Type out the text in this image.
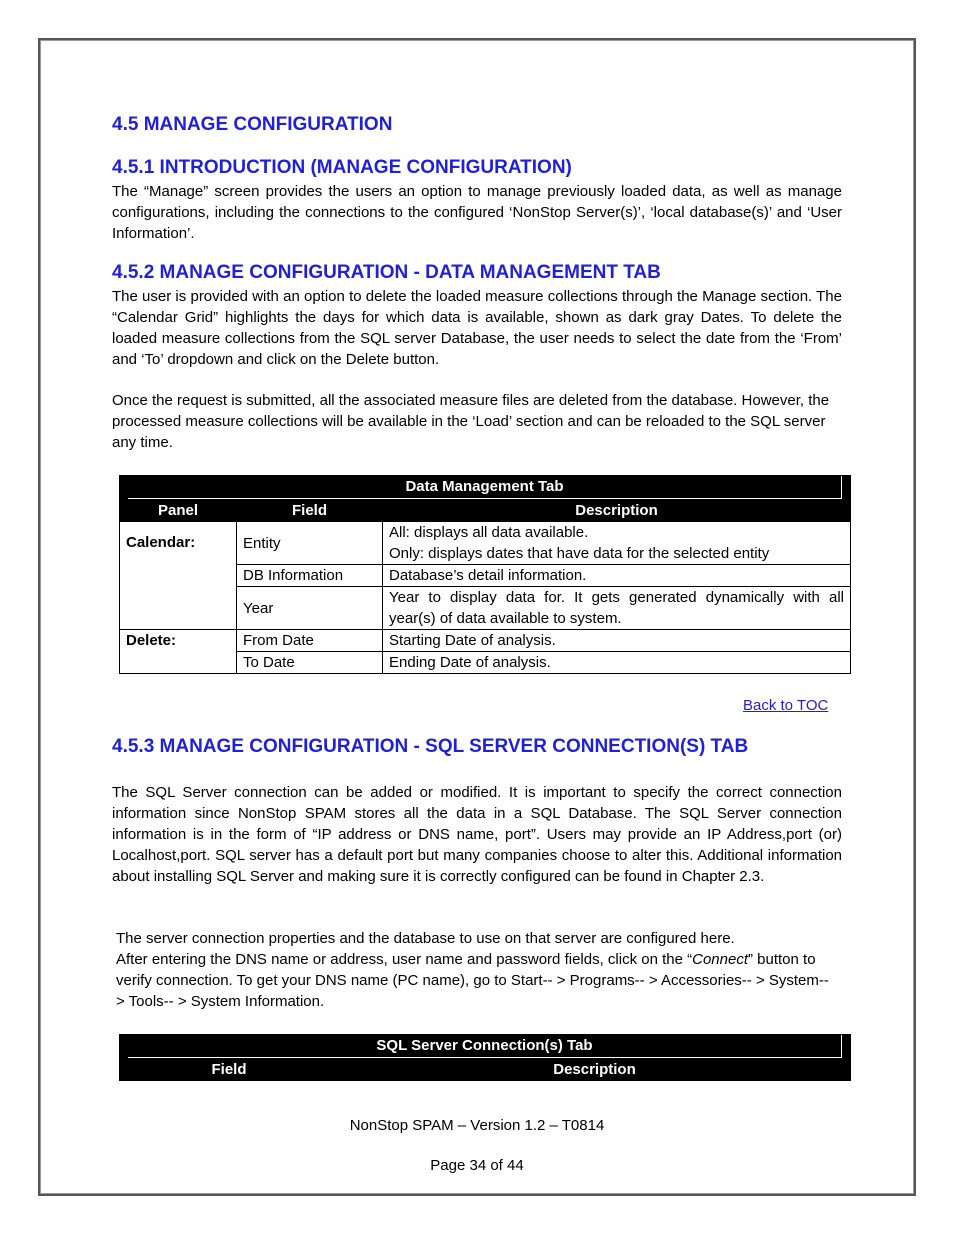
4.5 MANAGE CONFIGURATION
4.5.1 INTRODUCTION (MANAGE CONFIGURATION)

The “Manage” screen provides the users an option to manage previously loaded data, as well as manage configurations, including the connections to the configured ‘NonStop Server(s)’, ‘local database(s)’ and ‘User Information’.

4.5.2 MANAGE CONFIGURATION - DATA MANAGEMENT TAB

The user is provided with an option to delete the loaded measure collections through the Manage section. The “Calendar Grid” highlights the days for which data is available, shown as dark gray Dates. To delete the loaded measure collections from the SQL server Database, the user needs to select the date from the ‘From’ and ‘To’ dropdown and click on the Delete button.

Once the request is submitted, all the associated measure files are deleted from the database. However, the processed measure collections will be available in the ‘Load’ section and can be reloaded to the SQL server any time.

Data Management Tab		

Panel	Field	Description
Calendar:	Entity	All: displays all data available.
Only: displays dates that have data for the selected entity

	DB Information	Database’s detail information.
	Year	Year to display data for. It gets generated dynamically with all year(s) of data available to system.
Delete:	From Date	Starting Date of analysis.
	To Date	Ending Date of analysis.
Back to TOC
4.5.3 MANAGE CONFIGURATION - SQL SERVER CONNECTION(S) TAB

The SQL Server connection can be added or modified. It is important to specify the correct connection information since NonStop SPAM stores all the data in a SQL Database. The SQL Server connection information is in the form of “IP address or DNS name, port”. Users may provide an IP Address,port (or) Localhost,port. SQL server has a default port but many companies choose to alter this. Additional information about installing SQL Server and making sure it is correctly configured can be found in Chapter 2.3.

The server connection properties and the database to use on that server are configured here.
After entering the DNS name or address, user name and password fields, click on the “Connect” button to verify connection. To get your DNS name (PC name), go to Start-- > Programs-- > Accessories-- > System-- > Tools-- > System Information.
SQL Server Connection(s) Tab

Field	Description
NonStop SPAM – Version 1.2 – T0814
Page 34 of 44
